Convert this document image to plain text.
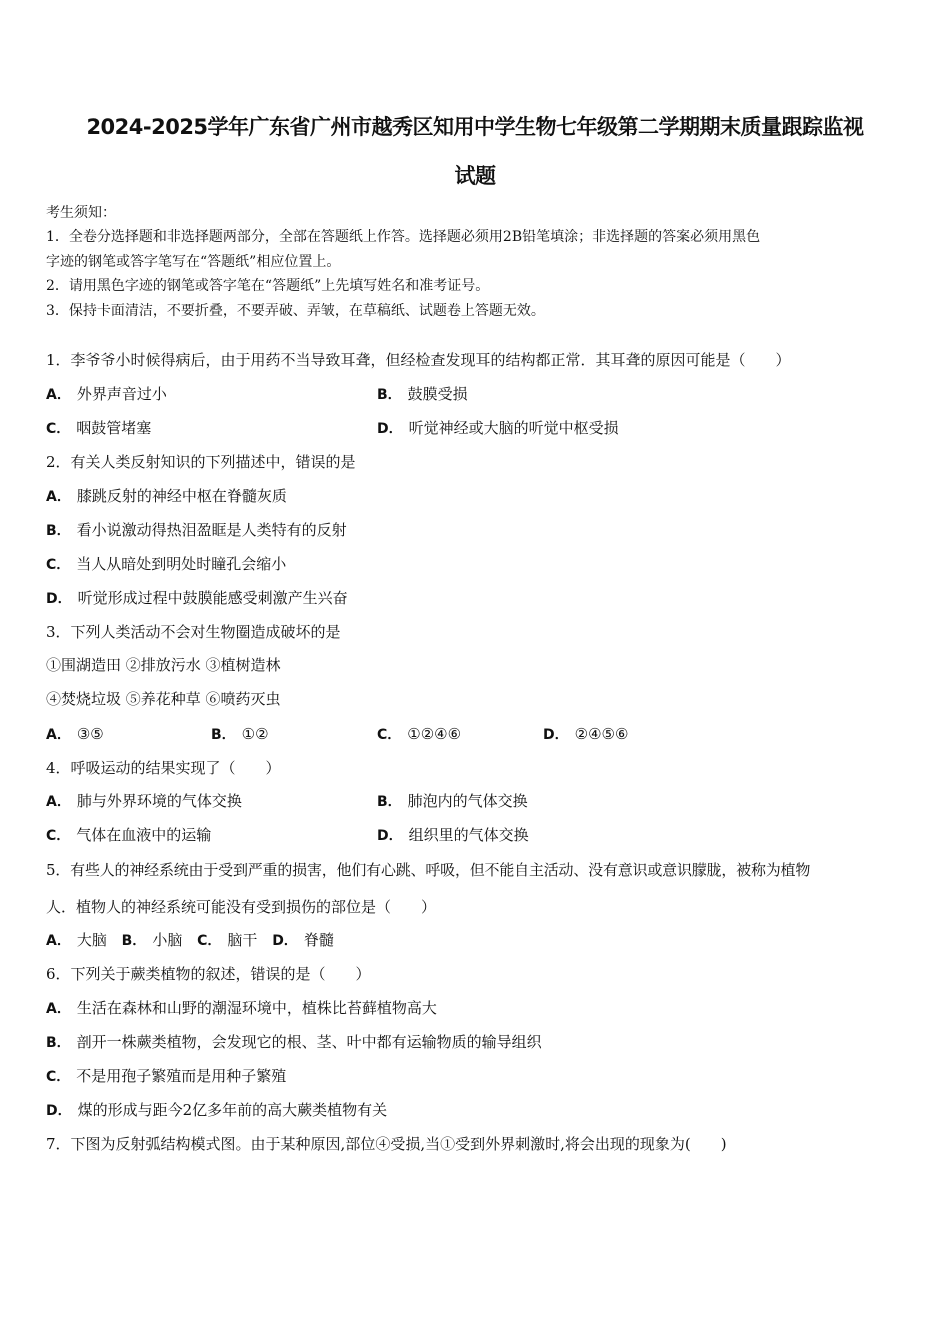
2024-2025学年广东省广州市越秀区知用中学生物七年级第二学期期末质量跟踪监视
试题
考生须知：
1．全卷分选择题和非选择题两部分，全部在答题纸上作答。选择题必须用2B铅笔填涂；非选择题的答案必须用黑色
字迹的钢笔或答字笔写在“答题纸”相应位置上。
2．请用黑色字迹的钢笔或答字笔在“答题纸”上先填写姓名和准考证号。
3．保持卡面清洁，不要折叠，不要弄破、弄皱，在草稿纸、试题卷上答题无效。
1．李爷爷小时候得病后，由于用药不当导致耳聋，但经检查发现耳的结构都正常．其耳聋的原因可能是（　　）
A． 外界声音过小	B． 鼓膜受损
C． 咽鼓管堵塞	D． 听觉神经或大脑的听觉中枢受损
2．有关人类反射知识的下列描述中，错误的是
A． 膝跳反射的神经中枢在脊髓灰质
B． 看小说激动得热泪盈眶是人类特有的反射
C． 当人从暗处到明处时瞳孔会缩小
D． 听觉形成过程中鼓膜能感受刺激产生兴奋
3．下列人类活动不会对生物圈造成破坏的是
①围湖造田 ②排放污水 ③植树造林
④焚烧垃圾 ⑤养花种草 ⑥喷药灭虫
A． ③⑤	B． ①②	C． ①②④⑥	D． ②④⑤⑥
4．呼吸运动的结果实现了（　　）
A． 肺与外界环境的气体交换	B． 肺泡内的气体交换
C． 气体在血液中的运输	D． 组织里的气体交换
5．有些人的神经系统由于受到严重的损害，他们有心跳、呼吸，但不能自主活动、没有意识或意识朦胧，被称为植物
人．植物人的神经系统可能没有受到损伤的部位是（　　）
A． 大脑 B． 小脑 C． 脑干 D． 脊髓
6．下列关于蕨类植物的叙述，错误的是（　　）
A． 生活在森林和山野的潮湿环境中，植株比苔藓植物高大
B． 剖开一株蕨类植物，会发现它的根、茎、叶中都有运输物质的输导组织
C． 不是用孢子繁殖而是用种子繁殖
D． 煤的形成与距今2亿多年前的高大蕨类植物有关
7．下图为反射弧结构模式图。由于某种原因,部位④受损,当①受到外界刺激时,将会出现的现象为(　　)
